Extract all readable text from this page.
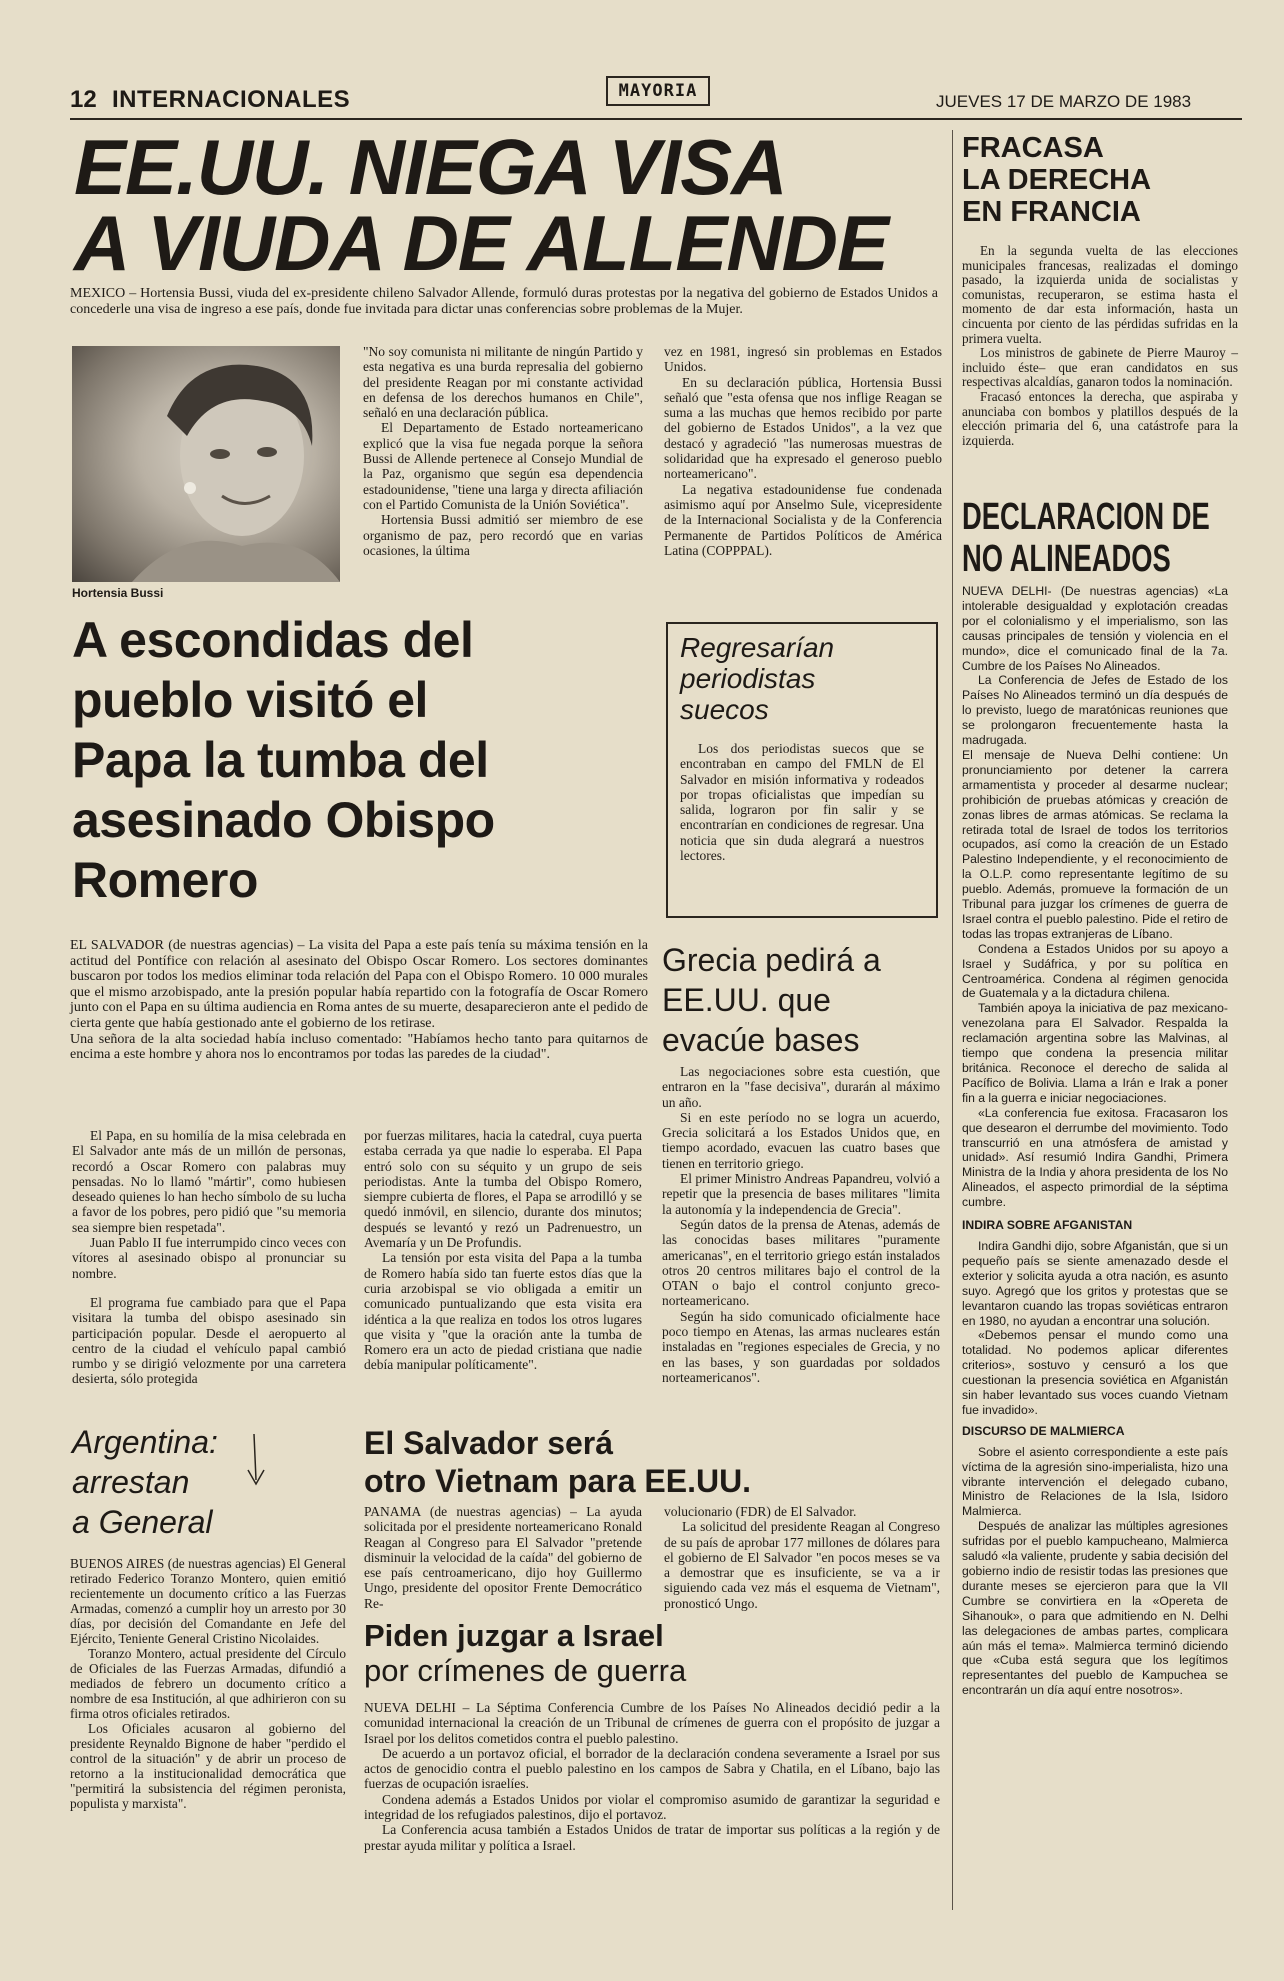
12 INTERNACIONALES	MAYORIA
JUEVES 17 DE MARZO DE 1983
EE.UU. NIEGA VISA
A VIUDA DE ALLENDE

MEXICO – Hortensia Bussi, viuda del ex-presidente chileno Salvador Allende, formuló duras protestas por la negativa del gobierno de Estados Unidos a concederle una visa de ingreso a ese país, donde fue invitada para dictar unas conferencias sobre problemas de la Mujer.

Hortensia Bussi

"No soy comunista ni militante de ningún Partido y esta negativa es una burda represalia del gobierno del presidente Reagan por mi constante actividad en defensa de los derechos humanos en Chile", señaló en una declaración pública.

El Departamento de Estado norteamericano explicó que la visa fue negada porque la señora Bussi de Allende pertenece al Consejo Mundial de la Paz, organismo que según esa dependencia estadounidense, "tiene una larga y directa afiliación con el Partido Comunista de la Unión Soviética".

Hortensia Bussi admitió ser miembro de ese organismo de paz, pero recordó que en varias ocasiones, la última

vez en 1981, ingresó sin problemas en Estados Unidos.

En su declaración pública, Hortensia Bussi señaló que "esta ofensa que nos inflige Reagan se suma a las muchas que hemos recibido por parte del gobierno de Estados Unidos", a la vez que destacó y agradeció "las numerosas muestras de solidaridad que ha expresado el generoso pueblo norteamericano".

La negativa estadounidense fue condenada asimismo aquí por Anselmo Sule, vicepresidente de la Internacional Socialista y de la Conferencia Permanente de Partidos Políticos de América Latina (COPPPAL).

A escondidas del
pueblo visitó el
Papa la tumba del
asesinado Obispo
Romero

EL SALVADOR (de nuestras agencias) – La visita del Papa a este país tenía su máxima tensión en la actitud del Pontífice con relación al asesinato del Obispo Oscar Romero. Los sectores dominantes buscaron por todos los medios eliminar toda relación del Papa con el Obispo Romero. 10 000 murales que el mismo arzobispado, ante la presión popular había repartido con la fotografía de Oscar Romero junto con el Papa en su última audiencia en Roma antes de su muerte, desaparecieron ante el pedido de cierta gente que había gestionado ante el gobierno de los retirase.

Una señora de la alta sociedad había incluso comentado: "Habíamos hecho tanto para quitarnos de encima a este hombre y ahora nos lo encontramos por todas las paredes de la ciudad".

El Papa, en su homilía de la misa celebrada en El Salvador ante más de un millón de personas, recordó a Oscar Romero con palabras muy pensadas. No lo llamó "mártir", como hubiesen deseado quienes lo han hecho símbolo de su lucha a favor de los pobres, pero pidió que "su memoria sea siempre bien respetada".

Juan Pablo II fue interrumpido cinco veces con vítores al asesinado obispo al pronunciar su nombre.

El programa fue cambiado para que el Papa visitara la tumba del obispo asesinado sin participación popular. Desde el aeropuerto al centro de la ciudad el vehículo papal cambió rumbo y se dirigió velozmente por una carretera desierta, sólo protegida

por fuerzas militares, hacia la catedral, cuya puerta estaba cerrada ya que nadie lo esperaba. El Papa entró solo con su séquito y un grupo de seis periodistas. Ante la tumba del Obispo Romero, siempre cubierta de flores, el Papa se arrodilló y se quedó inmóvil, en silencio, durante dos minutos; después se levantó y rezó un Padrenuestro, un Avemaría y un De Profundis.

La tensión por esta visita del Papa a la tumba de Romero había sido tan fuerte estos días que la curia arzobispal se vio obligada a emitir un comunicado puntualizando que esta visita era idéntica a la que realiza en todos los otros lugares que visita y "que la oración ante la tumba de Romero era un acto de piedad cristiana que nadie debía manipular políticamente".

Regresarían
periodistas
suecos

Los dos periodistas suecos que se encontraban en campo del FMLN de El Salvador en misión informativa y rodeados por tropas oficialistas que impedían su salida, lograron por fin salir y se encontrarían en condiciones de regresar. Una noticia que sin duda alegrará a nuestros lectores.

Grecia pedirá a
EE.UU. que
evacúe bases

Las negociaciones sobre esta cuestión, que entraron en la "fase decisiva", durarán al máximo un año.

Si en este período no se logra un acuerdo, Grecia solicitará a los Estados Unidos que, en tiempo acordado, evacuen las cuatro bases que tienen en territorio griego.

El primer Ministro Andreas Papandreu, volvió a repetir que la presencia de bases militares "limita la autonomía y la independencia de Grecia".

Según datos de la prensa de Atenas, además de las conocidas bases militares "puramente americanas", en el territorio griego están instalados otros 20 centros militares bajo el control de la OTAN o bajo el control conjunto greco-norteamericano.

Según ha sido comunicado oficialmente hace poco tiempo en Atenas, las armas nucleares están instaladas en "regiones especiales de Grecia, y no en las bases, y son guardadas por soldados norteamericanos".

Argentina:
arrestan
a General

BUENOS AIRES (de nuestras agencias) El General retirado Federico Toranzo Montero, quien emitió recientemente un documento crítico a las Fuerzas Armadas, comenzó a cumplir hoy un arresto por 30 días, por decisión del Comandante en Jefe del Ejército, Teniente General Cristino Nicolaides.

Toranzo Montero, actual presidente del Círculo de Oficiales de las Fuerzas Armadas, difundió a mediados de febrero un documento crítico a nombre de esa Institución, al que adhirieron con su firma otros oficiales retirados.

Los Oficiales acusaron al gobierno del presidente Reynaldo Bignone de haber "perdido el control de la situación" y de abrir un proceso de retorno a la institucionalidad democrática que "permitirá la subsistencia del régimen peronista, populista y marxista".

El Salvador será
otro Vietnam para EE.UU.

PANAMA (de nuestras agencias) – La ayuda solicitada por el presidente norteamericano Ronald Reagan al Congreso para El Salvador "pretende disminuir la velocidad de la caída" del gobierno de ese país centroamericano, dijo hoy Guillermo Ungo, presidente del opositor Frente Democrático Re-

volucionario (FDR) de El Salvador.

La solicitud del presidente Reagan al Congreso de su país de aprobar 177 millones de dólares para el gobierno de El Salvador "en pocos meses se va a demostrar que es insuficiente, se va a ir siguiendo cada vez más el esquema de Vietnam", pronosticó Ungo.

Piden juzgar a Israel
por crímenes de guerra

NUEVA DELHI – La Séptima Conferencia Cumbre de los Países No Alineados decidió pedir a la comunidad internacional la creación de un Tribunal de crímenes de guerra con el propósito de juzgar a Israel por los delitos cometidos contra el pueblo palestino.

De acuerdo a un portavoz oficial, el borrador de la declaración condena severamente a Israel por sus actos de genocidio contra el pueblo palestino en los campos de Sabra y Chatila, en el Líbano, bajo las fuerzas de ocupación israelíes.

Condena además a Estados Unidos por violar el compromiso asumido de garantizar la seguridad e integridad de los refugiados palestinos, dijo el portavoz.

La Conferencia acusa también a Estados Unidos de tratar de importar sus políticas a la región y de prestar ayuda militar y política a Israel.

FRACASA
LA DERECHA
EN FRANCIA

En la segunda vuelta de las elecciones municipales francesas, realizadas el domingo pasado, la izquierda unida de socialistas y comunistas, recuperaron, se estima hasta el momento de dar esta información, hasta un cincuenta por ciento de las pérdidas sufridas en la primera vuelta.

Los ministros de gabinete de Pierre Mauroy –incluido éste– que eran candidatos en sus respectivas alcaldías, ganaron todos la nominación.

Fracasó entonces la derecha, que aspiraba y anunciaba con bombos y platillos después de la elección primaria del 6, una catástrofe para la izquierda.

DECLARACION DE
NO ALINEADOS

NUEVA DELHI- (De nuestras agencias) «La intolerable desigualdad y explotación creadas por el colonialismo y el imperialismo, son las causas principales de tensión y violencia en el mundo», dice el comunicado final de la 7a. Cumbre de los Países No Alineados.

La Conferencia de Jefes de Estado de los Países No Alineados terminó un día después de lo previsto, luego de maratónicas reuniones que se prolongaron frecuentemente hasta la madrugada.

El mensaje de Nueva Delhi contiene: Un pronunciamiento por detener la carrera armamentista y proceder al desarme nuclear; prohibición de pruebas atómicas y creación de zonas libres de armas atómicas. Se reclama la retirada total de Israel de todos los territorios ocupados, así como la creación de un Estado Palestino Independiente, y el reconocimiento de la O.L.P. como representante legítimo de su pueblo. Además, promueve la formación de un Tribunal para juzgar los crímenes de guerra de Israel contra el pueblo palestino. Pide el retiro de todas las tropas extranjeras de Líbano.

Condena a Estados Unidos por su apoyo a Israel y Sudáfrica, y por su política en Centroamérica. Condena al régimen genocida de Guatemala y a la dictadura chilena.

También apoya la iniciativa de paz mexicano-venezolana para El Salvador. Respalda la reclamación argentina sobre las Malvinas, al tiempo que condena la presencia militar británica. Reconoce el derecho de salida al Pacífico de Bolivia. Llama a Irán e Irak a poner fin a la guerra e iniciar negociaciones.

«La conferencia fue exitosa. Fracasaron los que desearon el derrumbe del movimiento. Todo transcurrió en una atmósfera de amistad y unidad». Así resumió Indira Gandhi, Primera Ministra de la India y ahora presidenta de los No Alineados, el aspecto primordial de la séptima cumbre.

INDIRA SOBRE AFGANISTAN

Indira Gandhi dijo, sobre Afganistán, que si un pequeño país se siente amenazado desde el exterior y solicita ayuda a otra nación, es asunto suyo. Agregó que los gritos y protestas que se levantaron cuando las tropas soviéticas entraron en 1980, no ayudan a encontrar una solución.

«Debemos pensar el mundo como una totalidad. No podemos aplicar diferentes criterios», sostuvo y censuró a los que cuestionan la presencia soviética en Afganistán sin haber levantado sus voces cuando Vietnam fue invadido».

DISCURSO DE MALMIERCA

Sobre el asiento correspondiente a este país víctima de la agresión sino-imperialista, hizo una vibrante intervención el delegado cubano, Ministro de Relaciones de la Isla, Isidoro Malmierca.

Después de analizar las múltiples agresiones sufridas por el pueblo kampucheano, Malmierca saludó «la valiente, prudente y sabia decisión del gobierno indio de resistir todas las presiones que durante meses se ejercieron para que la VII Cumbre se convirtiera en la «Opereta de Sihanouk», o para que admitiendo en N. Delhi las delegaciones de ambas partes, complicara aún más el tema». Malmierca terminó diciendo que «Cuba está segura que los legítimos representantes del pueblo de Kampuchea se encontrarán un día aquí entre nosotros».
